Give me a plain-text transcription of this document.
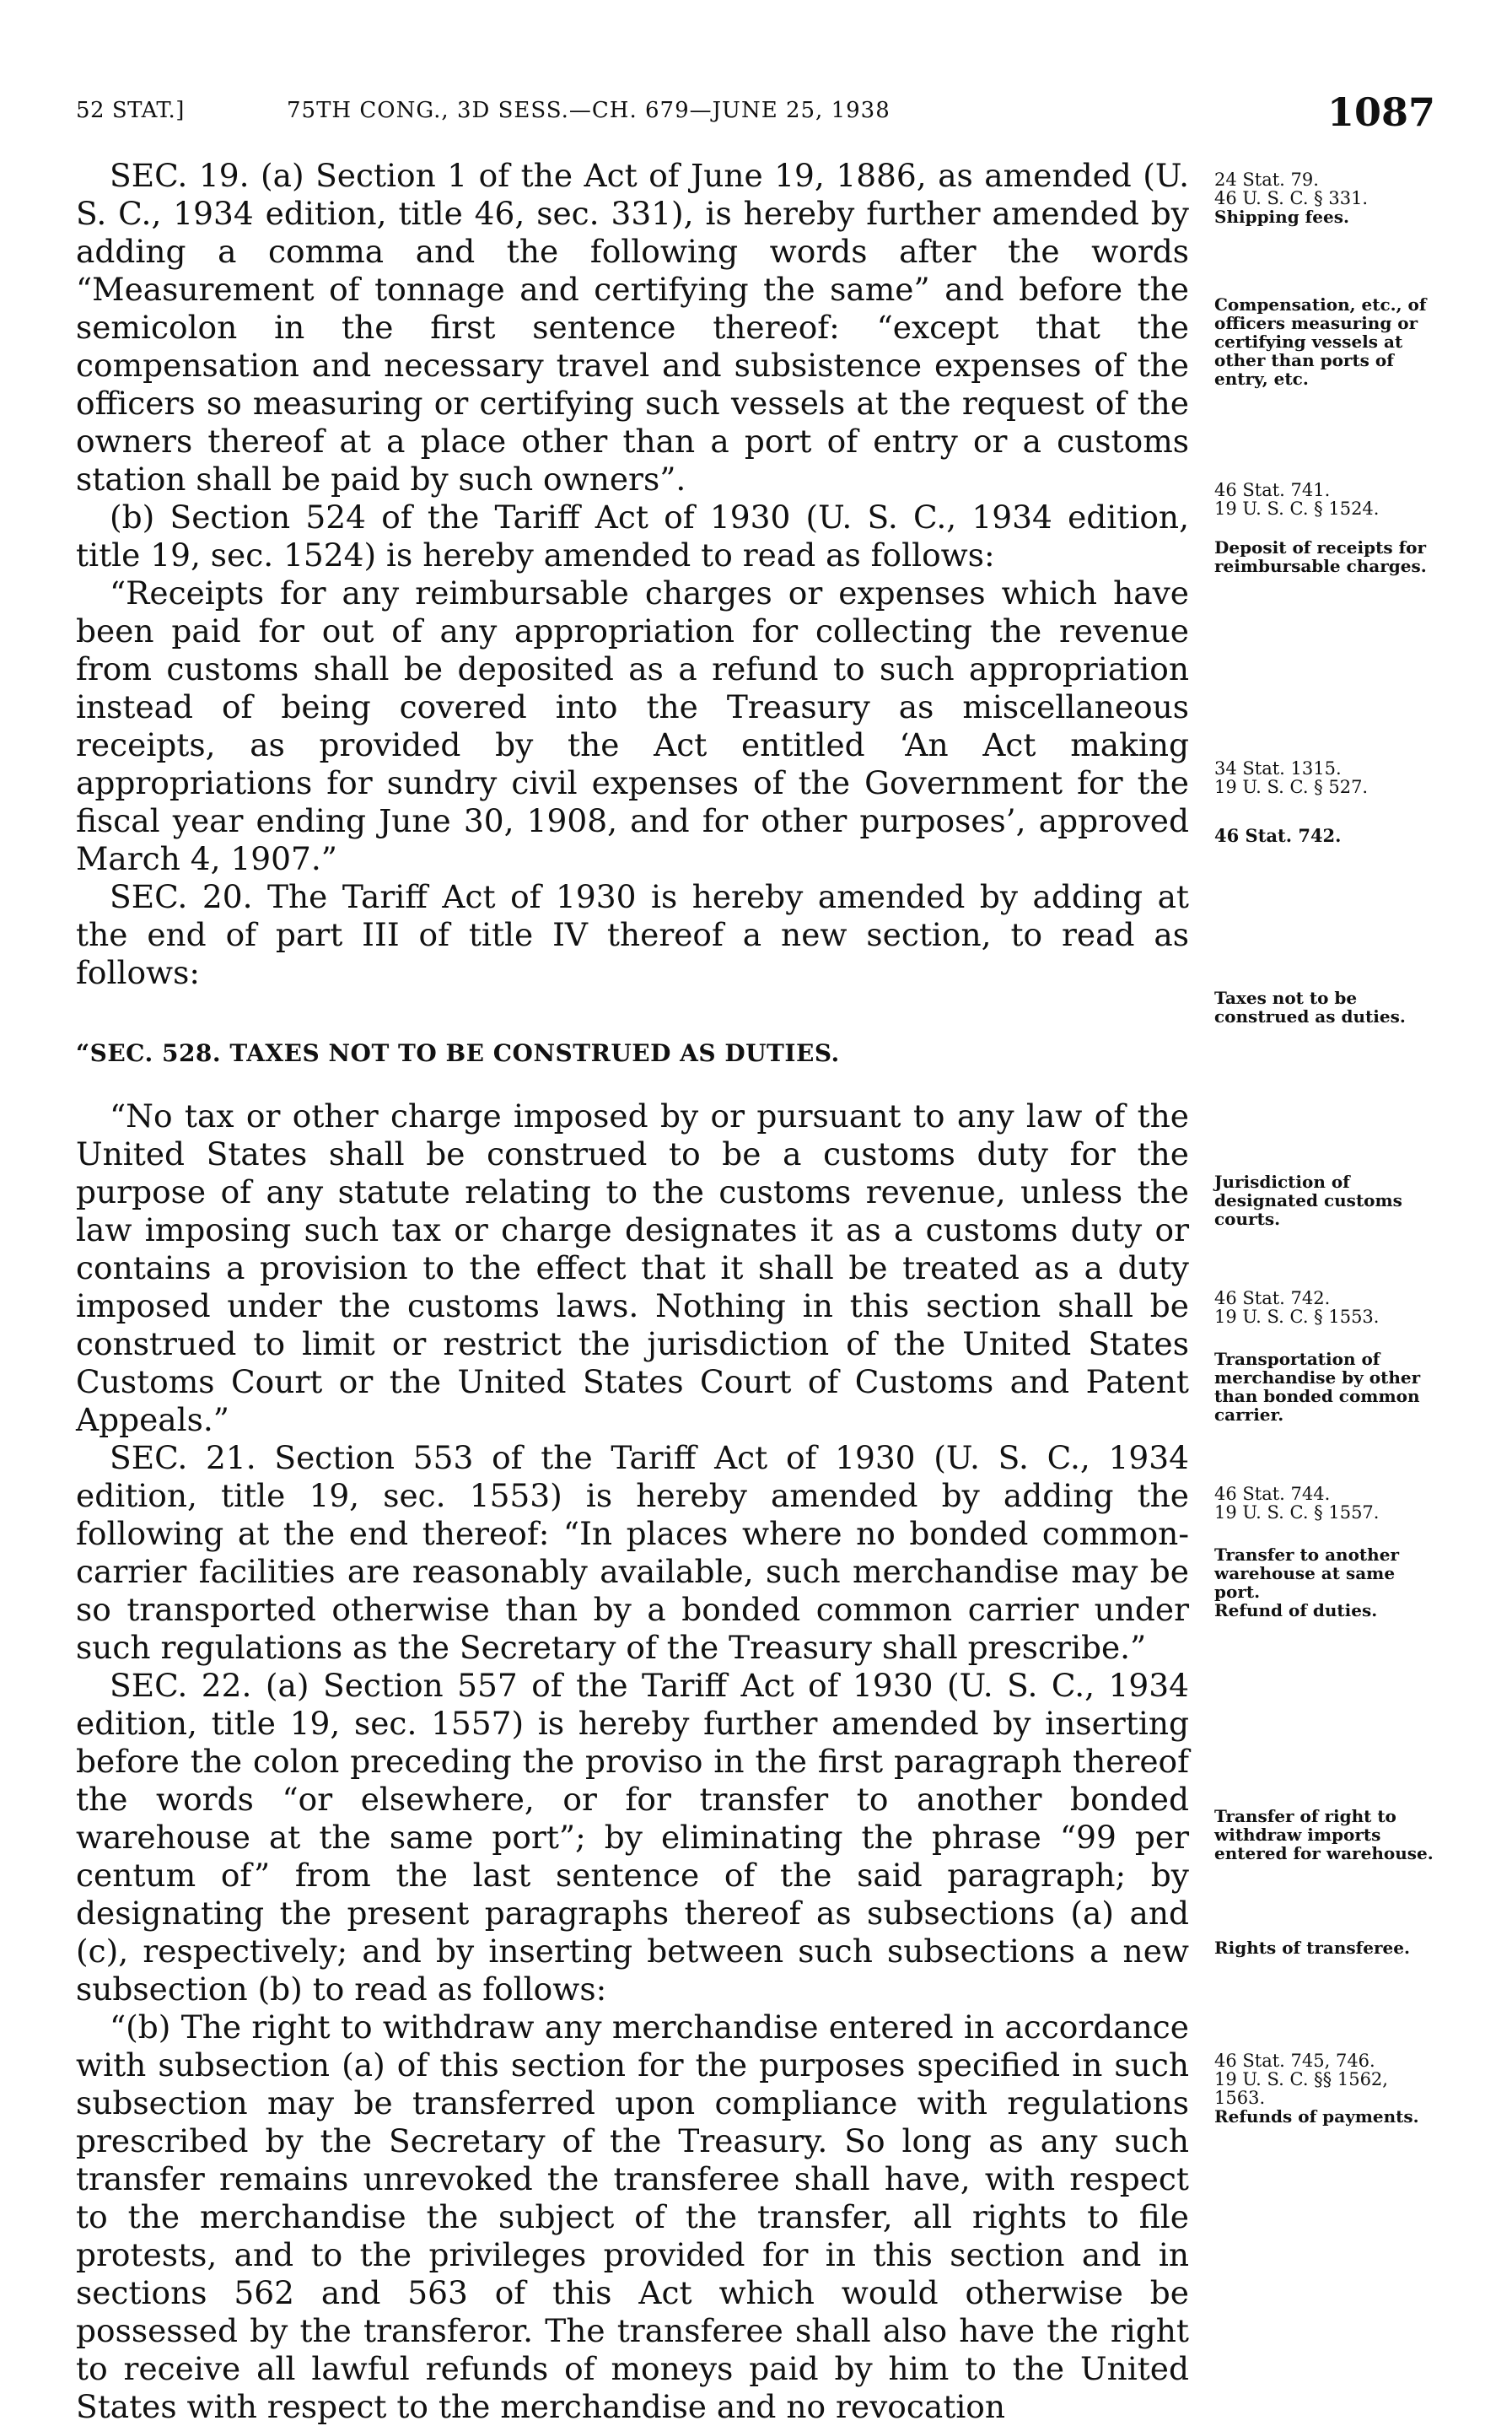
52 STAT.]	75TH CONG., 3D SESS.—CH. 679—JUNE 25, 1938	1087

SEC. 19. (a) Section 1 of the Act of June 19, 1886, as amended (U. S. C., 1934 edition, title 46, sec. 331), is hereby further amended by adding a comma and the following words after the words “Measurement of tonnage and certifying the same” and before the semicolon in the first sentence thereof: “except that the compensation and necessary travel and subsistence expenses of the officers so measuring or certifying such vessels at the request of the owners thereof at a place other than a port of entry or a customs station shall be paid by such owners”.

(b) Section 524 of the Tariff Act of 1930 (U. S. C., 1934 edition, title 19, sec. 1524) is hereby amended to read as follows:

“Receipts for any reimbursable charges or expenses which have been paid for out of any appropriation for collecting the revenue from customs shall be deposited as a refund to such appropriation instead of being covered into the Treasury as miscellaneous receipts, as provided by the Act entitled ‘An Act making appropriations for sundry civil expenses of the Government for the fiscal year ending June 30, 1908, and for other purposes’, approved March 4, 1907.”

SEC. 20. The Tariff Act of 1930 is hereby amended by adding at the end of part III of title IV thereof a new section, to read as follows:

“SEC. 528. TAXES NOT TO BE CONSTRUED AS DUTIES.

“No tax or other charge imposed by or pursuant to any law of the United States shall be construed to be a customs duty for the purpose of any statute relating to the customs revenue, unless the law imposing such tax or charge designates it as a customs duty or contains a provision to the effect that it shall be treated as a duty imposed under the customs laws. Nothing in this section shall be construed to limit or restrict the jurisdiction of the United States Customs Court or the United States Court of Customs and Patent Appeals.”

SEC. 21. Section 553 of the Tariff Act of 1930 (U. S. C., 1934 edition, title 19, sec. 1553) is hereby amended by adding the following at the end thereof: “In places where no bonded common-carrier facilities are reasonably available, such merchandise may be so transported otherwise than by a bonded common carrier under such regulations as the Secretary of the Treasury shall prescribe.”

SEC. 22. (a) Section 557 of the Tariff Act of 1930 (U. S. C., 1934 edition, title 19, sec. 1557) is hereby further amended by inserting before the colon preceding the proviso in the first paragraph thereof the words “or elsewhere, or for transfer to another bonded warehouse at the same port”; by eliminating the phrase “99 per centum of” from the last sentence of the said paragraph; by designating the present paragraphs thereof as subsections (a) and (c), respectively; and by inserting between such subsections a new subsection (b) to read as follows:

“(b) The right to withdraw any merchandise entered in accordance with subsection (a) of this section for the purposes specified in such subsection may be transferred upon compliance with regulations prescribed by the Secretary of the Treasury. So long as any such transfer remains unrevoked the transferee shall have, with respect to the merchandise the subject of the transfer, all rights to file protests, and to the privileges provided for in this section and in sections 562 and 563 of this Act which would otherwise be possessed by the transferor. The transferee shall also have the right to receive all lawful refunds of moneys paid by him to the United States with respect to the merchandise and no revocation

24 Stat. 79.
46 U. S. C. § 331.
Shipping fees.
Compensation, etc., of officers measuring or certifying vessels at other than ports of entry, etc.
46 Stat. 741.
19 U. S. C. § 1524.
Deposit of receipts for reimbursable charges.
34 Stat. 1315.
19 U. S. C. § 527.
46 Stat. 742.
Taxes not to be construed as duties.
Jurisdiction of designated customs courts.
46 Stat. 742.
19 U. S. C. § 1553.
Transportation of merchandise by other than bonded common carrier.
46 Stat. 744.
19 U. S. C. § 1557.
Transfer to another warehouse at same port.
Refund of duties.
Transfer of right to withdraw imports entered for warehouse.
Rights of transferee.
46 Stat. 745, 746.
19 U. S. C. §§ 1562, 1563.
Refunds of payments.
